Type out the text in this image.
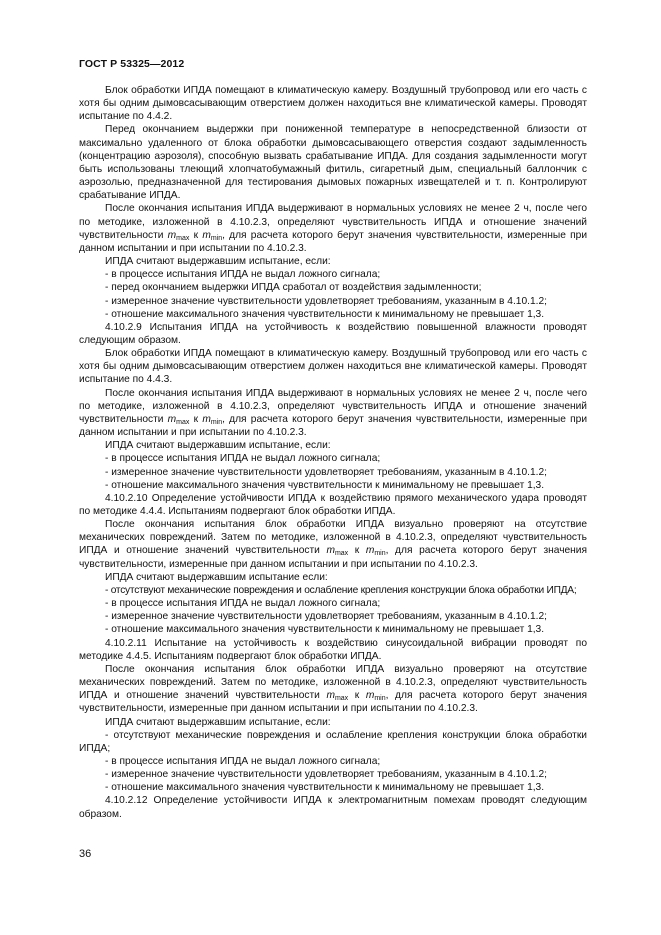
ГОСТ Р 53325—2012

Блок обработки ИПДА помещают в климатическую камеру. Воздушный трубопровод или его часть с хотя бы одним дымовсасывающим отверстием должен находиться вне климатической камеры. Проводят испытание по 4.4.2.

Перед окончанием выдержки при пониженной температуре в непосредственной близости от максимально удаленного от блока обработки дымовсасывающего отверстия создают задымленность (концентрацию аэрозоля), способную вызвать срабатывание ИПДА. Для создания задымленности могут быть использованы тлеющий хлопчатобумажный фитиль, сигаретный дым, специальный баллончик с аэрозолью, предназначенной для тестирования дымовых пожарных извещателей и т. п. Контролируют срабатывание ИПДА.

После окончания испытания ИПДА выдерживают в нормальных условиях не менее 2 ч, после чего по методике, изложенной в 4.10.2.3, определяют чувствительность ИПДА и отношение значений чувствительности $m_{max}$ к $m_{min}$, для расчета которого берут значения чувствительности, измеренные при данном испытании и при испытании по 4.10.2.3.

ИПДА считают выдержавшим испытание, если:

- в процессе испытания ИПДА не выдал ложного сигнала;

- перед окончанием выдержки ИПДА сработал от воздействия задымленности;

- измеренное значение чувствительности удовлетворяет требованиям, указанным в 4.10.1.2;

- отношение максимального значения чувствительности к минимальному не превышает 1,3.

4.10.2.9 Испытания ИПДА на устойчивость к воздействию повышенной влажности проводят следующим образом.

Блок обработки ИПДА помещают в климатическую камеру. Воздушный трубопровод или его часть с хотя бы одним дымовсасывающим отверстием должен находиться вне климатической камеры. Проводят испытание по 4.4.3.

После окончания испытания ИПДА выдерживают в нормальных условиях не менее 2 ч, после чего по методике, изложенной в 4.10.2.3, определяют чувствительность ИПДА и отношение значений чувствительности $m_{max}$ к $m_{min}$, для расчета которого берут значения чувствительности, измеренные при данном испытании и при испытании по 4.10.2.3.

ИПДА считают выдержавшим испытание, если:

- в процессе испытания ИПДА не выдал ложного сигнала;

- измеренное значение чувствительности удовлетворяет требованиям, указанным в 4.10.1.2;

- отношение максимального значения чувствительности к минимальному не превышает 1,3.

4.10.2.10 Определение устойчивости ИПДА к воздействию прямого механического удара проводят по методике 4.4.4. Испытаниям подвергают блок обработки ИПДА.

После окончания испытания блок обработки ИПДА визуально проверяют на отсутствие механических повреждений. Затем по методике, изложенной в 4.10.2.3, определяют чувствительность ИПДА и отношение значений чувствительности $m_{max}$ к $m_{min}$, для расчета которого берут значения чувствительности, измеренные при данном испытании и при испытании по 4.10.2.3.

ИПДА считают выдержавшим испытание если:

- отсутствуют механические повреждения и ослабление крепления конструкции блока обработки ИПДА;

- в процессе испытания ИПДА не выдал ложного сигнала;

- измеренное значение чувствительности удовлетворяет требованиям, указанным в 4.10.1.2;

- отношение максимального значения чувствительности к минимальному не превышает 1,3.

4.10.2.11 Испытание на устойчивость к воздействию синусоидальной вибрации проводят по методике 4.4.5. Испытаниям подвергают блок обработки ИПДА.

После окончания испытания блок обработки ИПДА визуально проверяют на отсутствие механических повреждений. Затем по методике, изложенной в 4.10.2.3, определяют чувствительность ИПДА и отношение значений чувствительности $m_{max}$ к $m_{min}$, для расчета которого берут значения чувствительности, измеренные при данном испытании и при испытании по 4.10.2.3.

ИПДА считают выдержавшим испытание, если:

- отсутствуют механические повреждения и ослабление крепления конструкции блока обработки ИПДА;

- в процессе испытания ИПДА не выдал ложного сигнала;

- измеренное значение чувствительности удовлетворяет требованиям, указанным в 4.10.1.2;

- отношение максимального значения чувствительности к минимальному не превышает 1,3.

4.10.2.12 Определение устойчивости ИПДА к электромагнитным помехам проводят следующим образом.

36
